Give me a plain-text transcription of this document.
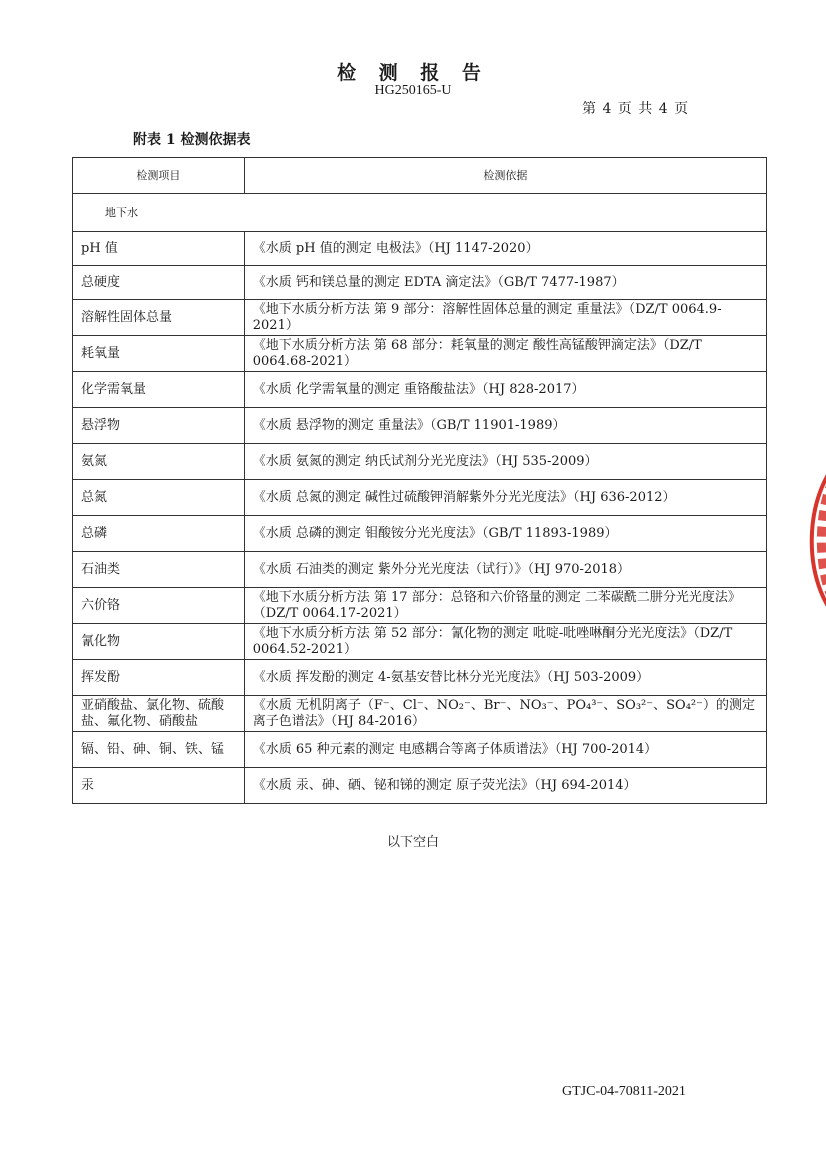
检 测 报 告
HG250165-U
第 4 页 共 4 页
附表 1 检测依据表
检测项目	检测依据
地下水	
pH 值	《水质 pH 值的测定 电极法》（HJ 1147-2020）
总硬度	《水质 钙和镁总量的测定 EDTA 滴定法》（GB/T 7477-1987）
溶解性固体总量	《地下水质分析方法 第 9 部分：溶解性固体总量的测定 重量法》（DZ/T 0064.9-2021）
耗氧量	《地下水质分析方法 第 68 部分：耗氧量的测定 酸性高锰酸钾滴定法》（DZ/T 0064.68-2021）
化学需氧量	《水质 化学需氧量的测定 重铬酸盐法》（HJ 828-2017）
悬浮物	《水质 悬浮物的测定 重量法》（GB/T 11901-1989）
氨氮	《水质 氨氮的测定 纳氏试剂分光光度法》（HJ 535-2009）
总氮	《水质 总氮的测定 碱性过硫酸钾消解紫外分光光度法》（HJ 636-2012）
总磷	《水质 总磷的测定 钼酸铵分光光度法》（GB/T 11893-1989）
石油类	《水质 石油类的测定 紫外分光光度法（试行）》（HJ 970-2018）
六价铬	《地下水质分析方法 第 17 部分：总铬和六价铬量的测定 二苯碳酰二肼分光光度法》（DZ/T 0064.17-2021）
氰化物	《地下水质分析方法 第 52 部分：氰化物的测定 吡啶-吡唑啉酮分光光度法》（DZ/T 0064.52-2021）
挥发酚	《水质 挥发酚的测定 4-氨基安替比林分光光度法》（HJ 503-2009）
亚硝酸盐、氯化物、硫酸盐、氟化物、硝酸盐	《水质 无机阴离子（F⁻、Cl⁻、NO₂⁻、Br⁻、NO₃⁻、PO₄³⁻、SO₃²⁻、SO₄²⁻）的测定 离子色谱法》（HJ 84-2016）
镉、铅、砷、铜、铁、锰	《水质 65 种元素的测定 电感耦合等离子体质谱法》（HJ 700-2014）
汞	《水质 汞、砷、硒、铋和锑的测定 原子荧光法》（HJ 694-2014）
以下空白
GTJC-04-70811-2021
